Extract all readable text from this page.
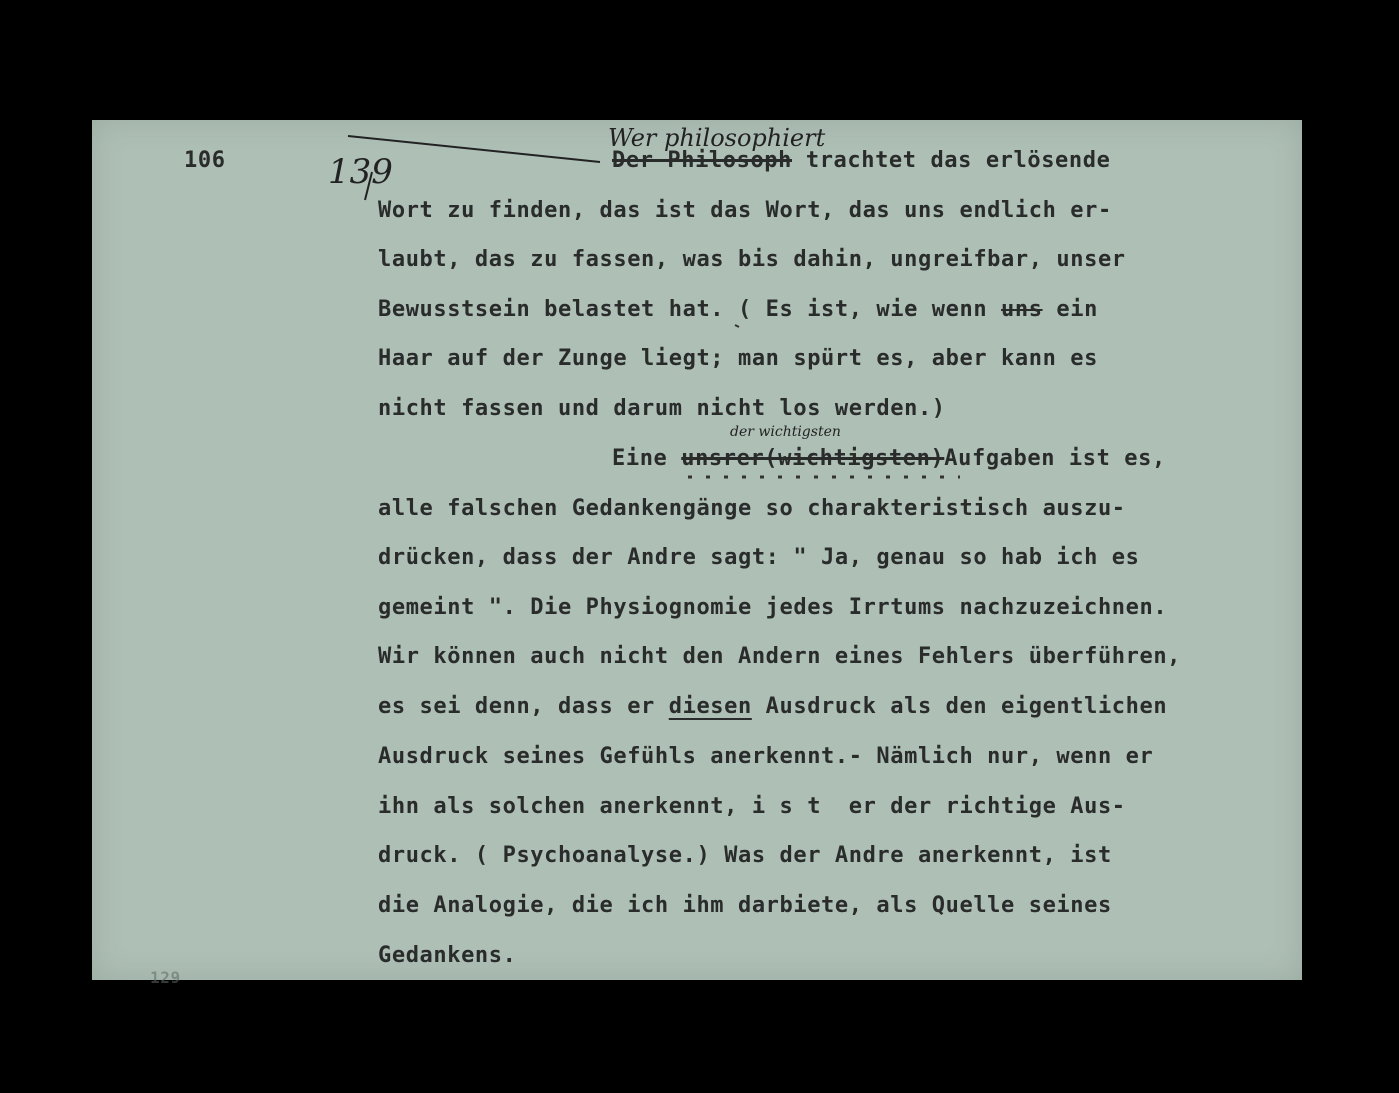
106
129
139
Wer philosophiert
der wichtigsten
Der Philosoph trachtet das erlösende
Wort zu finden, das ist das Wort, das uns endlich er-
laubt, das zu fassen, was bis dahin, ungreifbar, unser
Bewusstsein belastet hat. ( Es ist, wie wenn uns ein
Haar auf der Zunge liegt; man spürt es, aber kann es
nicht fassen und darum nicht los werden.)
Eine unsrer(wichtigsten)Aufgaben ist es,
alle falschen Gedankengänge so charakteristisch auszu-
drücken, dass der Andre sagt: " Ja, genau so hab ich es
gemeint ". Die Physiognomie jedes Irrtums nachzuzeichnen.
Wir können auch nicht den Andern eines Fehlers überführen,
es sei denn, dass er diesen Ausdruck als den eigentlichen
Ausdruck seines Gefühls anerkennt.- Nämlich nur, wenn er
ihn als solchen anerkennt, i s t  er der richtige Aus-
druck. ( Psychoanalyse.) Was der Andre anerkennt, ist
die Analogie, die ich ihm darbiete, als Quelle seines
Gedankens.
